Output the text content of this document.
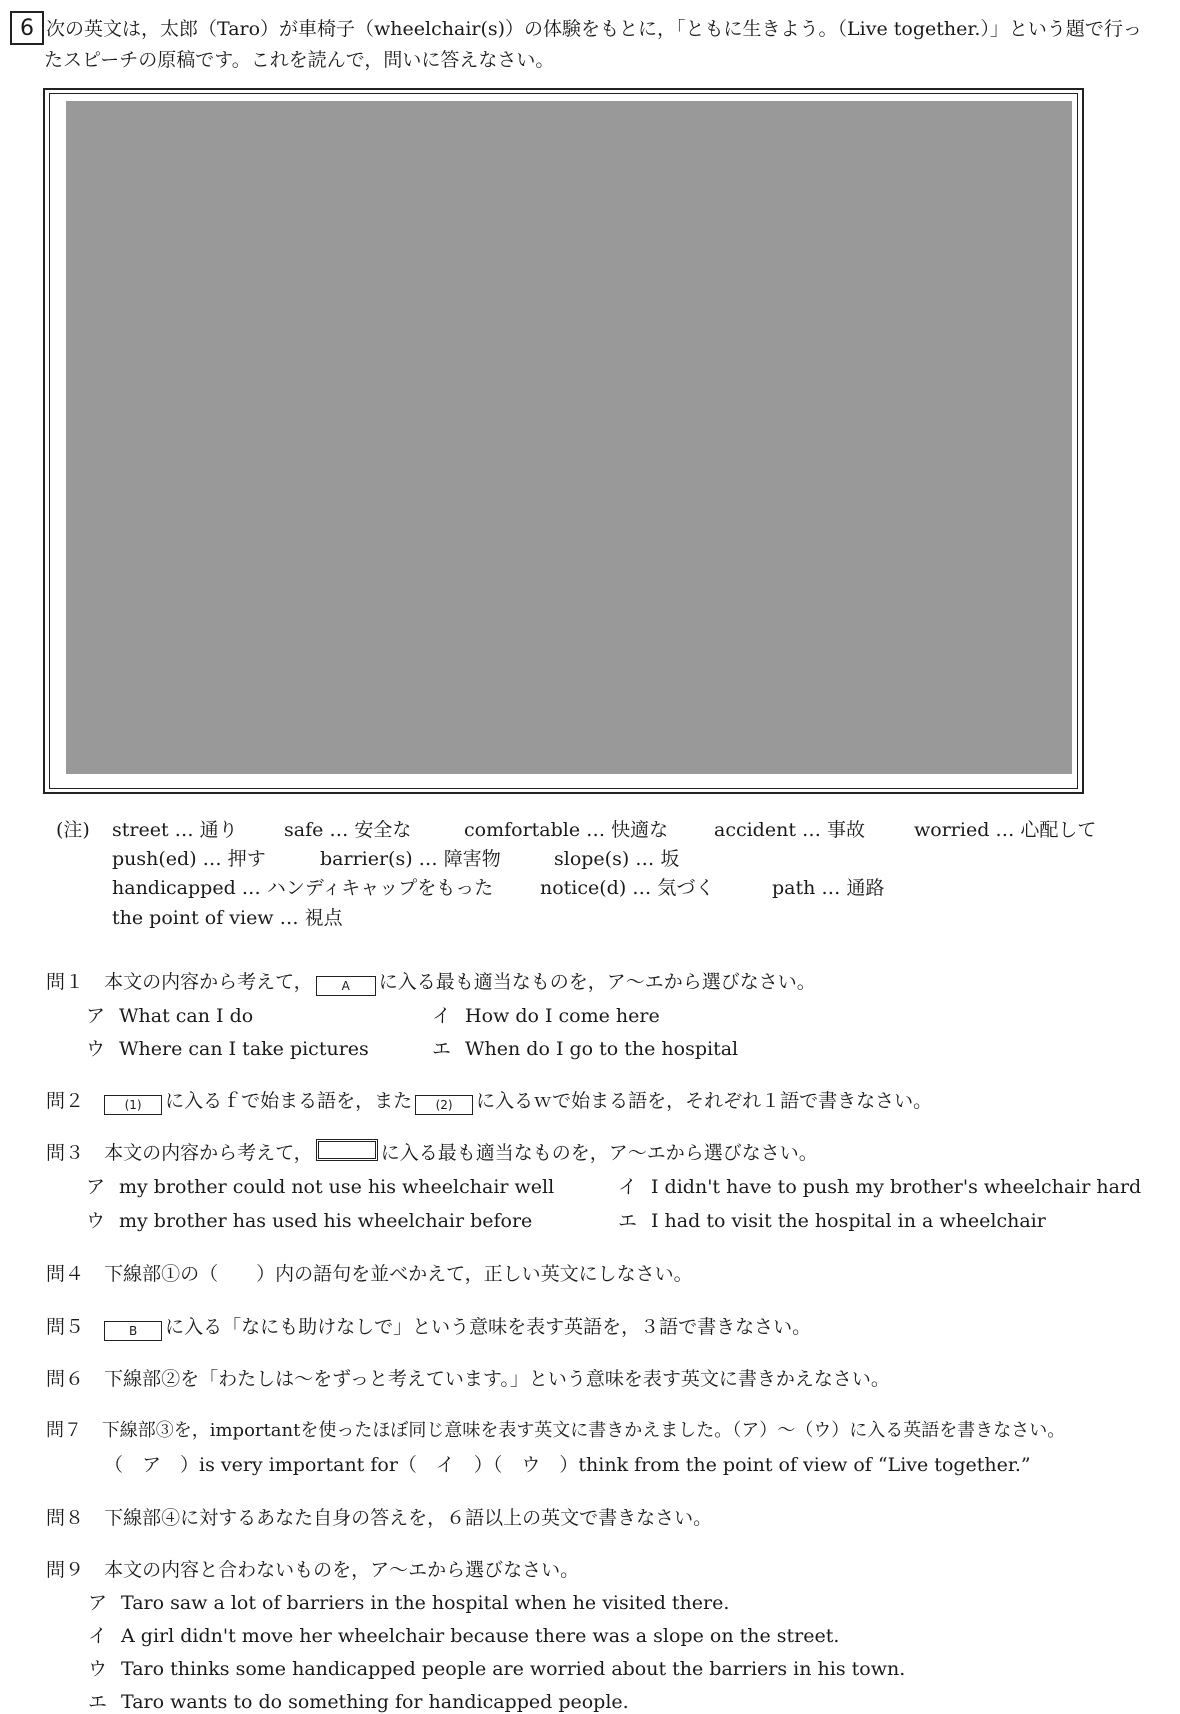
6 次の英文は，太郎（Taro）が車椅子（wheelchair(s)）の体験をもとに，「ともに生きよう。（Live together.）」という題で行っ
たスピーチの原稿です。これを読んで，問いに答えなさい。
(注) street … 通り safe … 安全な	comfortable … 快適な accident … 事故	worried … 心配して
push(ed) … 押す	barrier(s) … 障害物	slope(s) … 坂
handicapped … ハンディキャップをもった notice(d) … 気づく	path … 通路
the point of view … 視点
問１ 本文の内容から考えて， A に入る最も適当なものを，ア～エから選びなさい。
ア What can I do	イ How do I come here
ウ Where can I take pictures	エ When do I go to the hospital
問２	(1) に入るｆで始まる語を，また (2) に入るｗで始まる語を，それぞれ１語で書きなさい。
問３ 本文の内容から考えて，	に入る最も適当なものを，ア～エから選びなさい。
ア my brother could not use his wheelchair well	イ I didn't have to push my brother's wheelchair hard
ウ my brother has used his wheelchair before	エ I had to visit the hospital in a wheelchair
問４ 下線部①の（　　）内の語句を並べかえて，正しい英文にしなさい。
問５	B に入る「なにも助けなしで」という意味を表す英語を，３語で書きなさい。
問６ 下線部②を「わたしは～をずっと考えています。」という意味を表す英文に書きかえなさい。
問７ 下線部③を，importantを使ったほぼ同じ意味を表す英文に書きかえました。（ア）～（ウ）に入る英語を書きなさい。
（　ア　）is very important for（　イ　）（　ウ　）think from the point of view of “Live together.”
問８ 下線部④に対するあなた自身の答えを，６語以上の英文で書きなさい。
問９ 本文の内容と合わないものを，ア～エから選びなさい。
ア Taro saw a lot of barriers in the hospital when he visited there.
イ A girl didn't move her wheelchair because there was a slope on the street.
ウ Taro thinks some handicapped people are worried about the barriers in his town.
エ Taro wants to do something for handicapped people.
